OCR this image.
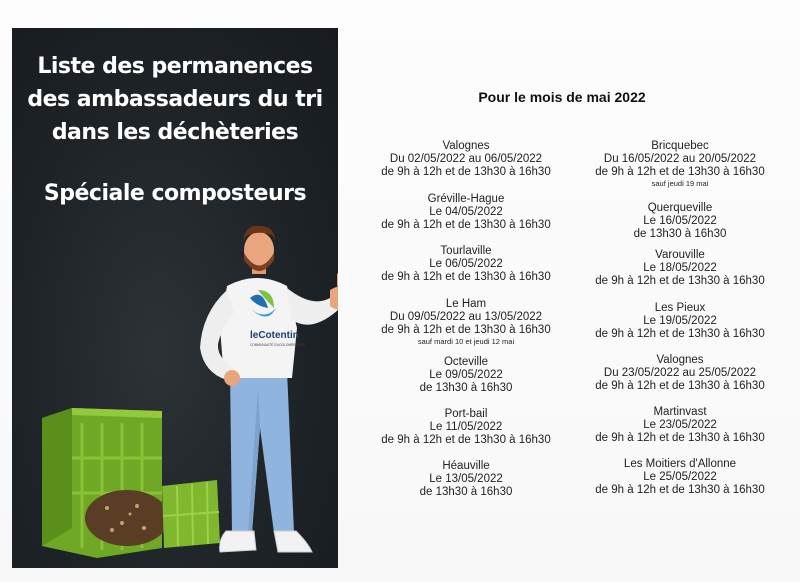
Liste des permanences
des ambassadeurs du tri
dans les déchèteries
Spéciale composteurs
leCotentin
COMMUNAUTÉ D'AGGLOMÉRATION
Pour le mois de mai 2022
Valognes
Du 02/05/2022 au 06/05/2022
de 9h à 12h et de 13h30 à 16h30
Gréville-Hague
Le 04/05/2022
de 9h à 12h et de 13h30 à 16h30
Tourlaville
Le 06/05/2022
de 9h à 12h et de 13h30 à 16h30
Le Ham
Du 09/05/2022 au 13/05/2022
de 9h à 12h et de 13h30 à 16h30
sauf mardi 10 et jeudi 12 mai
Octeville
Le 09/05/2022
de 13h30 à 16h30
Port-bail
Le 11/05/2022
de 9h à 12h et de 13h30 à 16h30
Héauville
Le 13/05/2022
de 13h30 à 16h30
Bricquebec
Du 16/05/2022 au 20/05/2022
de 9h à 12h et de 13h30 à 16h30
sauf jeudi 19 mai
Querqueville
Le 16/05/2022
de 13h30 à 16h30
Varouville
Le 18/05/2022
de 9h à 12h et de 13h30 à 16h30
Les Pieux
Le 19/05/2022
de 9h à 12h et de 13h30 à 16h30
Valognes
Du 23/05/2022 au 25/05/2022
de 9h à 12h et de 13h30 à 16h30
Martinvast
Le 23/05/2022
de 9h à 12h et de 13h30 à 16h30
Les Moitiers d'Allonne
Le 25/05/2022
de 9h à 12h et de 13h30 à 16h30
